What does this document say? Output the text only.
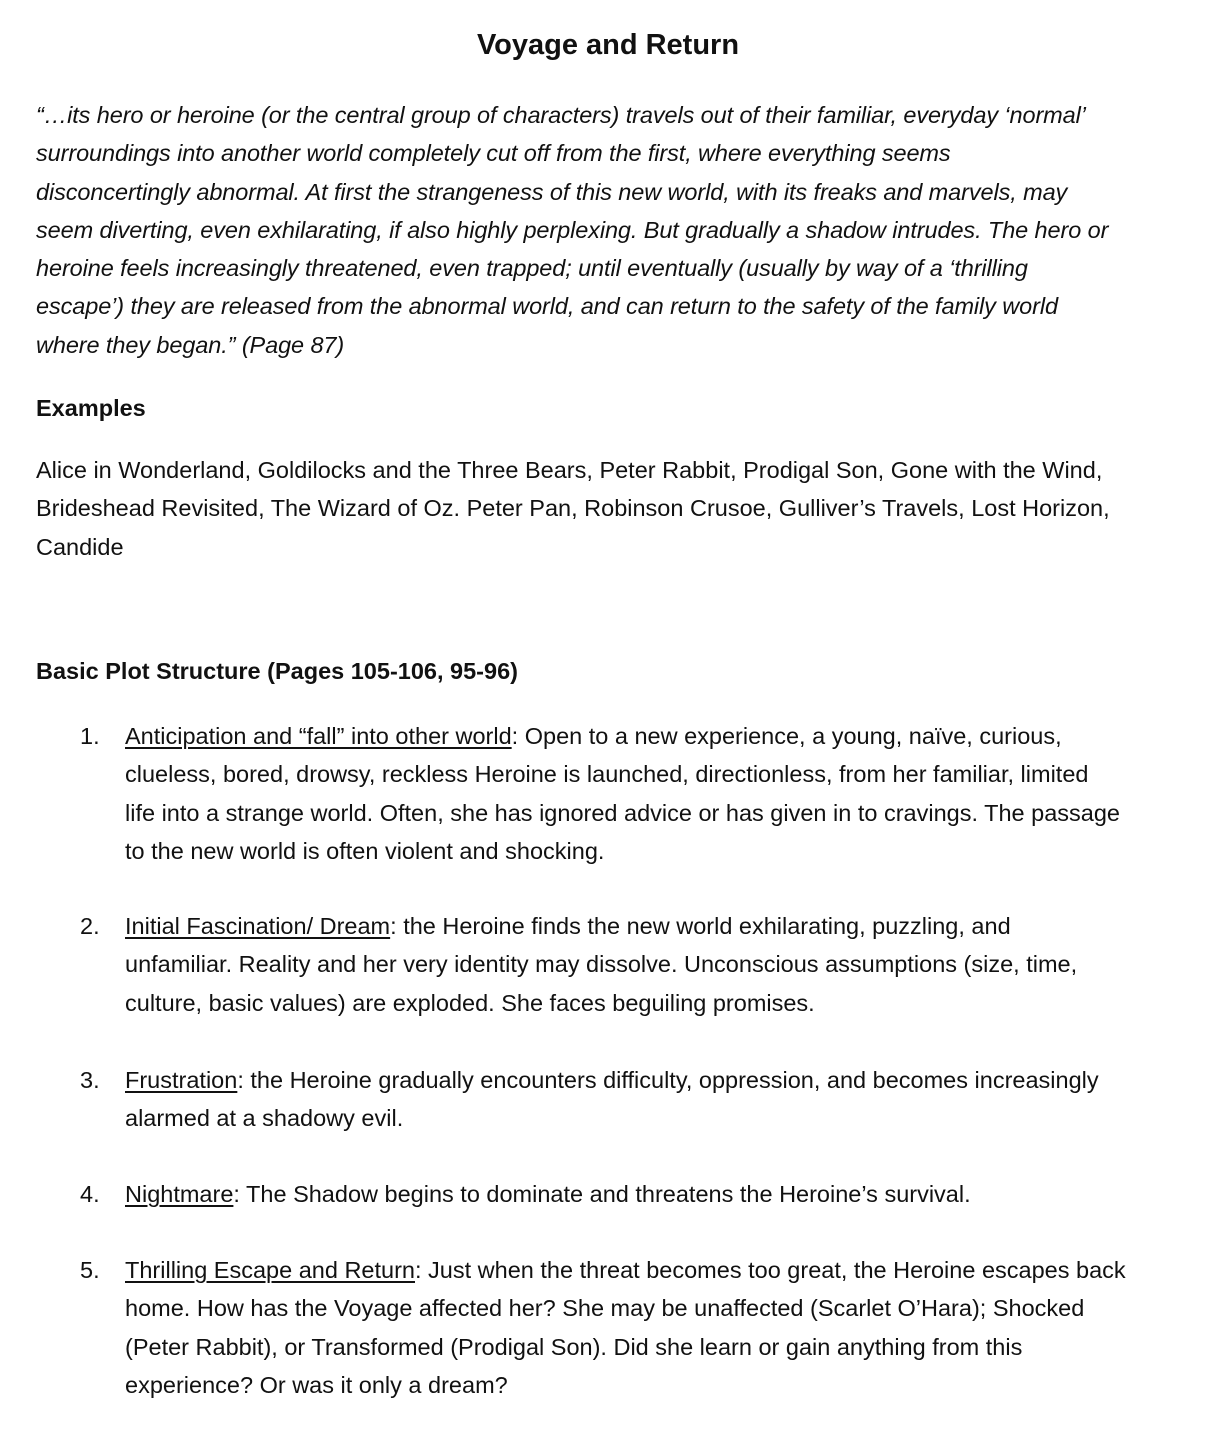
Voyage and Return
“…its hero or heroine (or the central group of characters) travels out of their familiar, everyday ‘normal’
surroundings into another world completely cut off from the first, where everything seems
disconcertingly abnormal. At first the strangeness of this new world, with its freaks and marvels, may
seem diverting, even exhilarating, if also highly perplexing. But gradually a shadow intrudes. The hero or
heroine feels increasingly threatened, even trapped; until eventually (usually by way of a ‘thrilling
escape’) they are released from the abnormal world, and can return to the safety of the family world
where they began.” (Page 87)
Examples
Alice in Wonderland, Goldilocks and the Three Bears, Peter Rabbit, Prodigal Son, Gone with the Wind,
Brideshead Revisited, The Wizard of Oz. Peter Pan, Robinson Crusoe, Gulliver’s Travels, Lost Horizon,
Candide
Basic Plot Structure (Pages 105-106, 95-96)
1.	Anticipation and “fall” into other world: Open to a new experience, a young, naïve, curious,
clueless, bored, drowsy, reckless Heroine is launched, directionless, from her familiar, limited
life into a strange world. Often, she has ignored advice or has given in to cravings. The passage
to the new world is often violent and shocking.
2.	Initial Fascination/ Dream: the Heroine finds the new world exhilarating, puzzling, and
unfamiliar. Reality and her very identity may dissolve. Unconscious assumptions (size, time,
culture, basic values) are exploded. She faces beguiling promises.
3.	Frustration: the Heroine gradually encounters difficulty, oppression, and becomes increasingly
alarmed at a shadowy evil.
4.	Nightmare: The Shadow begins to dominate and threatens the Heroine’s survival.
5.	Thrilling Escape and Return: Just when the threat becomes too great, the Heroine escapes back
home. How has the Voyage affected her? She may be unaffected (Scarlet O’Hara); Shocked
(Peter Rabbit), or Transformed (Prodigal Son). Did she learn or gain anything from this
experience? Or was it only a dream?
